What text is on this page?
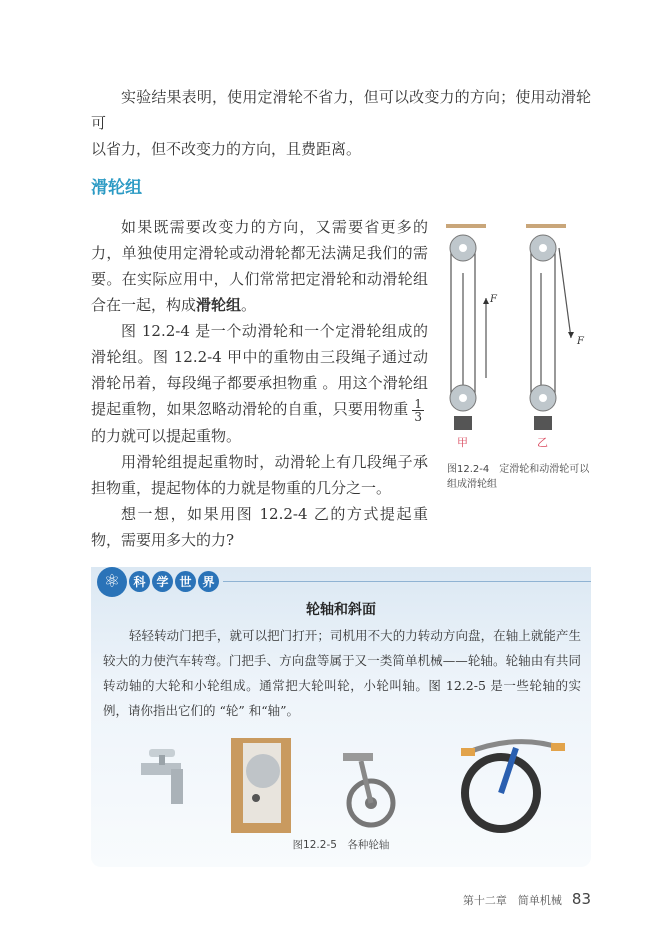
实验结果表明，使用定滑轮不省力，但可以改变力的方向；使用动滑轮可

以省力，但不改变力的方向，且费距离。

滑轮组

如果既需要改变力的方向，又需要省更多的力，单独使用定滑轮或动滑轮都无法满足我们的需要。在实际应用中，人们常常把定滑轮和动滑轮组合在一起，构成滑轮组。

图 12.2-4 是一个动滑轮和一个定滑轮组成的滑轮组。图 12.2-4 甲中的重物由三段绳子通过动滑轮吊着，每段绳子都要承担物重 。用这个滑轮组提起重物，如果忽略动滑轮的自重，只要用物重 $\frac{1}{3}$
的力就可以提起重物。

用滑轮组提起重物时，动滑轮上有几段绳子承担物重，提起物体的力就是物重的几分之一。

想一想，如果用图 12.2-4 乙的方式提起重物，需要用多大的力?

F
F
甲	乙
图12.2-4　定滑轮和动滑轮可以组成滑轮组
⚛	科 学 世 界
轮轴和斜面
轻轻转动门把手，就可以把门打开；司机用不大的力转动方向盘，在轴上就能产生较大的力使汽车转弯。门把手、方向盘等属于又一类简单机械——轮轴。轮轴由有共同转动轴的大轮和小轮组成。通常把大轮叫轮，小轮叫轴。图 12.2-5 是一些轮轴的实例，请你指出它们的 “轮” 和“轴”。
图12.2-5　各种轮轴
第十二章　简单机械 83
